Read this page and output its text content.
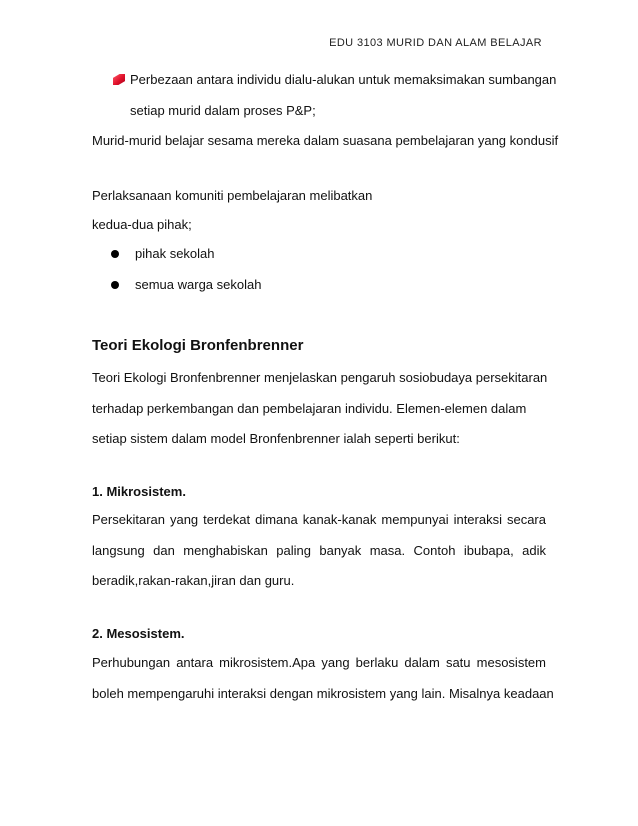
EDU 3103 MURID DAN ALAM BELAJAR
Perbezaan antara individu dialu-alukan untuk memaksimakan sumbangan
setiap murid dalam proses P&P;
Murid-murid belajar sesama mereka dalam suasana pembelajaran yang kondusif
Perlaksanaan komuniti pembelajaran melibatkan
kedua-dua pihak;
pihak sekolah
semua warga sekolah
Teori Ekologi Bronfenbrenner
Teori Ekologi Bronfenbrenner menjelaskan pengaruh sosiobudaya persekitaran
terhadap perkembangan dan pembelajaran individu. Elemen-elemen dalam
setiap sistem dalam model Bronfenbrenner ialah seperti berikut:
1. Mikrosistem.
Persekitaran yang terdekat dimana kanak-kanak mempunyai interaksi secara
langsung dan menghabiskan paling banyak masa. Contoh ibubapa, adik
beradik,rakan-rakan,jiran dan guru.
2. Mesosistem.
Perhubungan antara mikrosistem.Apa yang berlaku dalam satu mesosistem
boleh mempengaruhi interaksi dengan mikrosistem yang lain. Misalnya keadaan
